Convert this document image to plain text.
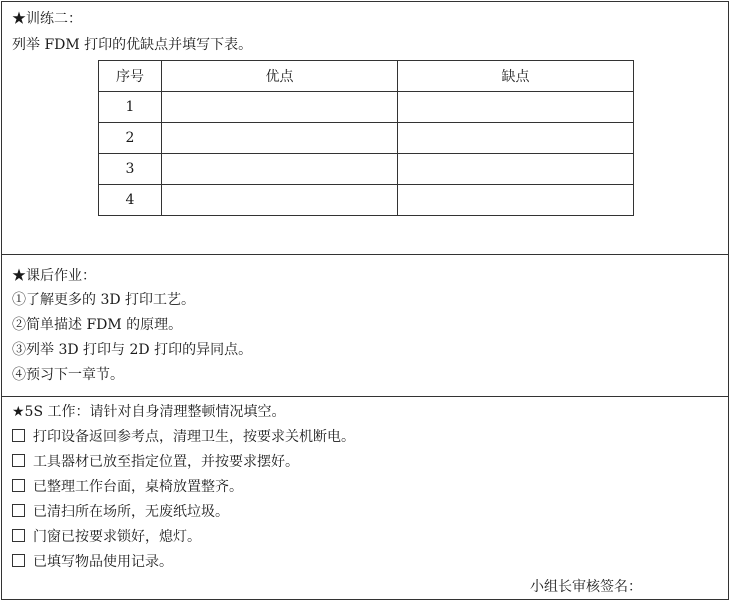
★训练二：
列举 FDM 打印的优缺点并填写下表。
序号	优点	缺点
1		
2		
3		
4		
★课后作业：
①了解更多的 3D 打印工艺。
②简单描述 FDM 的原理。
③列举 3D 打印与 2D 打印的异同点。
④预习下一章节。
★5S 工作：请针对自身清理整顿情况填空。
打印设备返回参考点，清理卫生，按要求关机断电。
工具器材已放至指定位置，并按要求摆好。
已整理工作台面，桌椅放置整齐。
已清扫所在场所，无废纸垃圾。
门窗已按要求锁好，熄灯。
已填写物品使用记录。
小组长审核签名：
